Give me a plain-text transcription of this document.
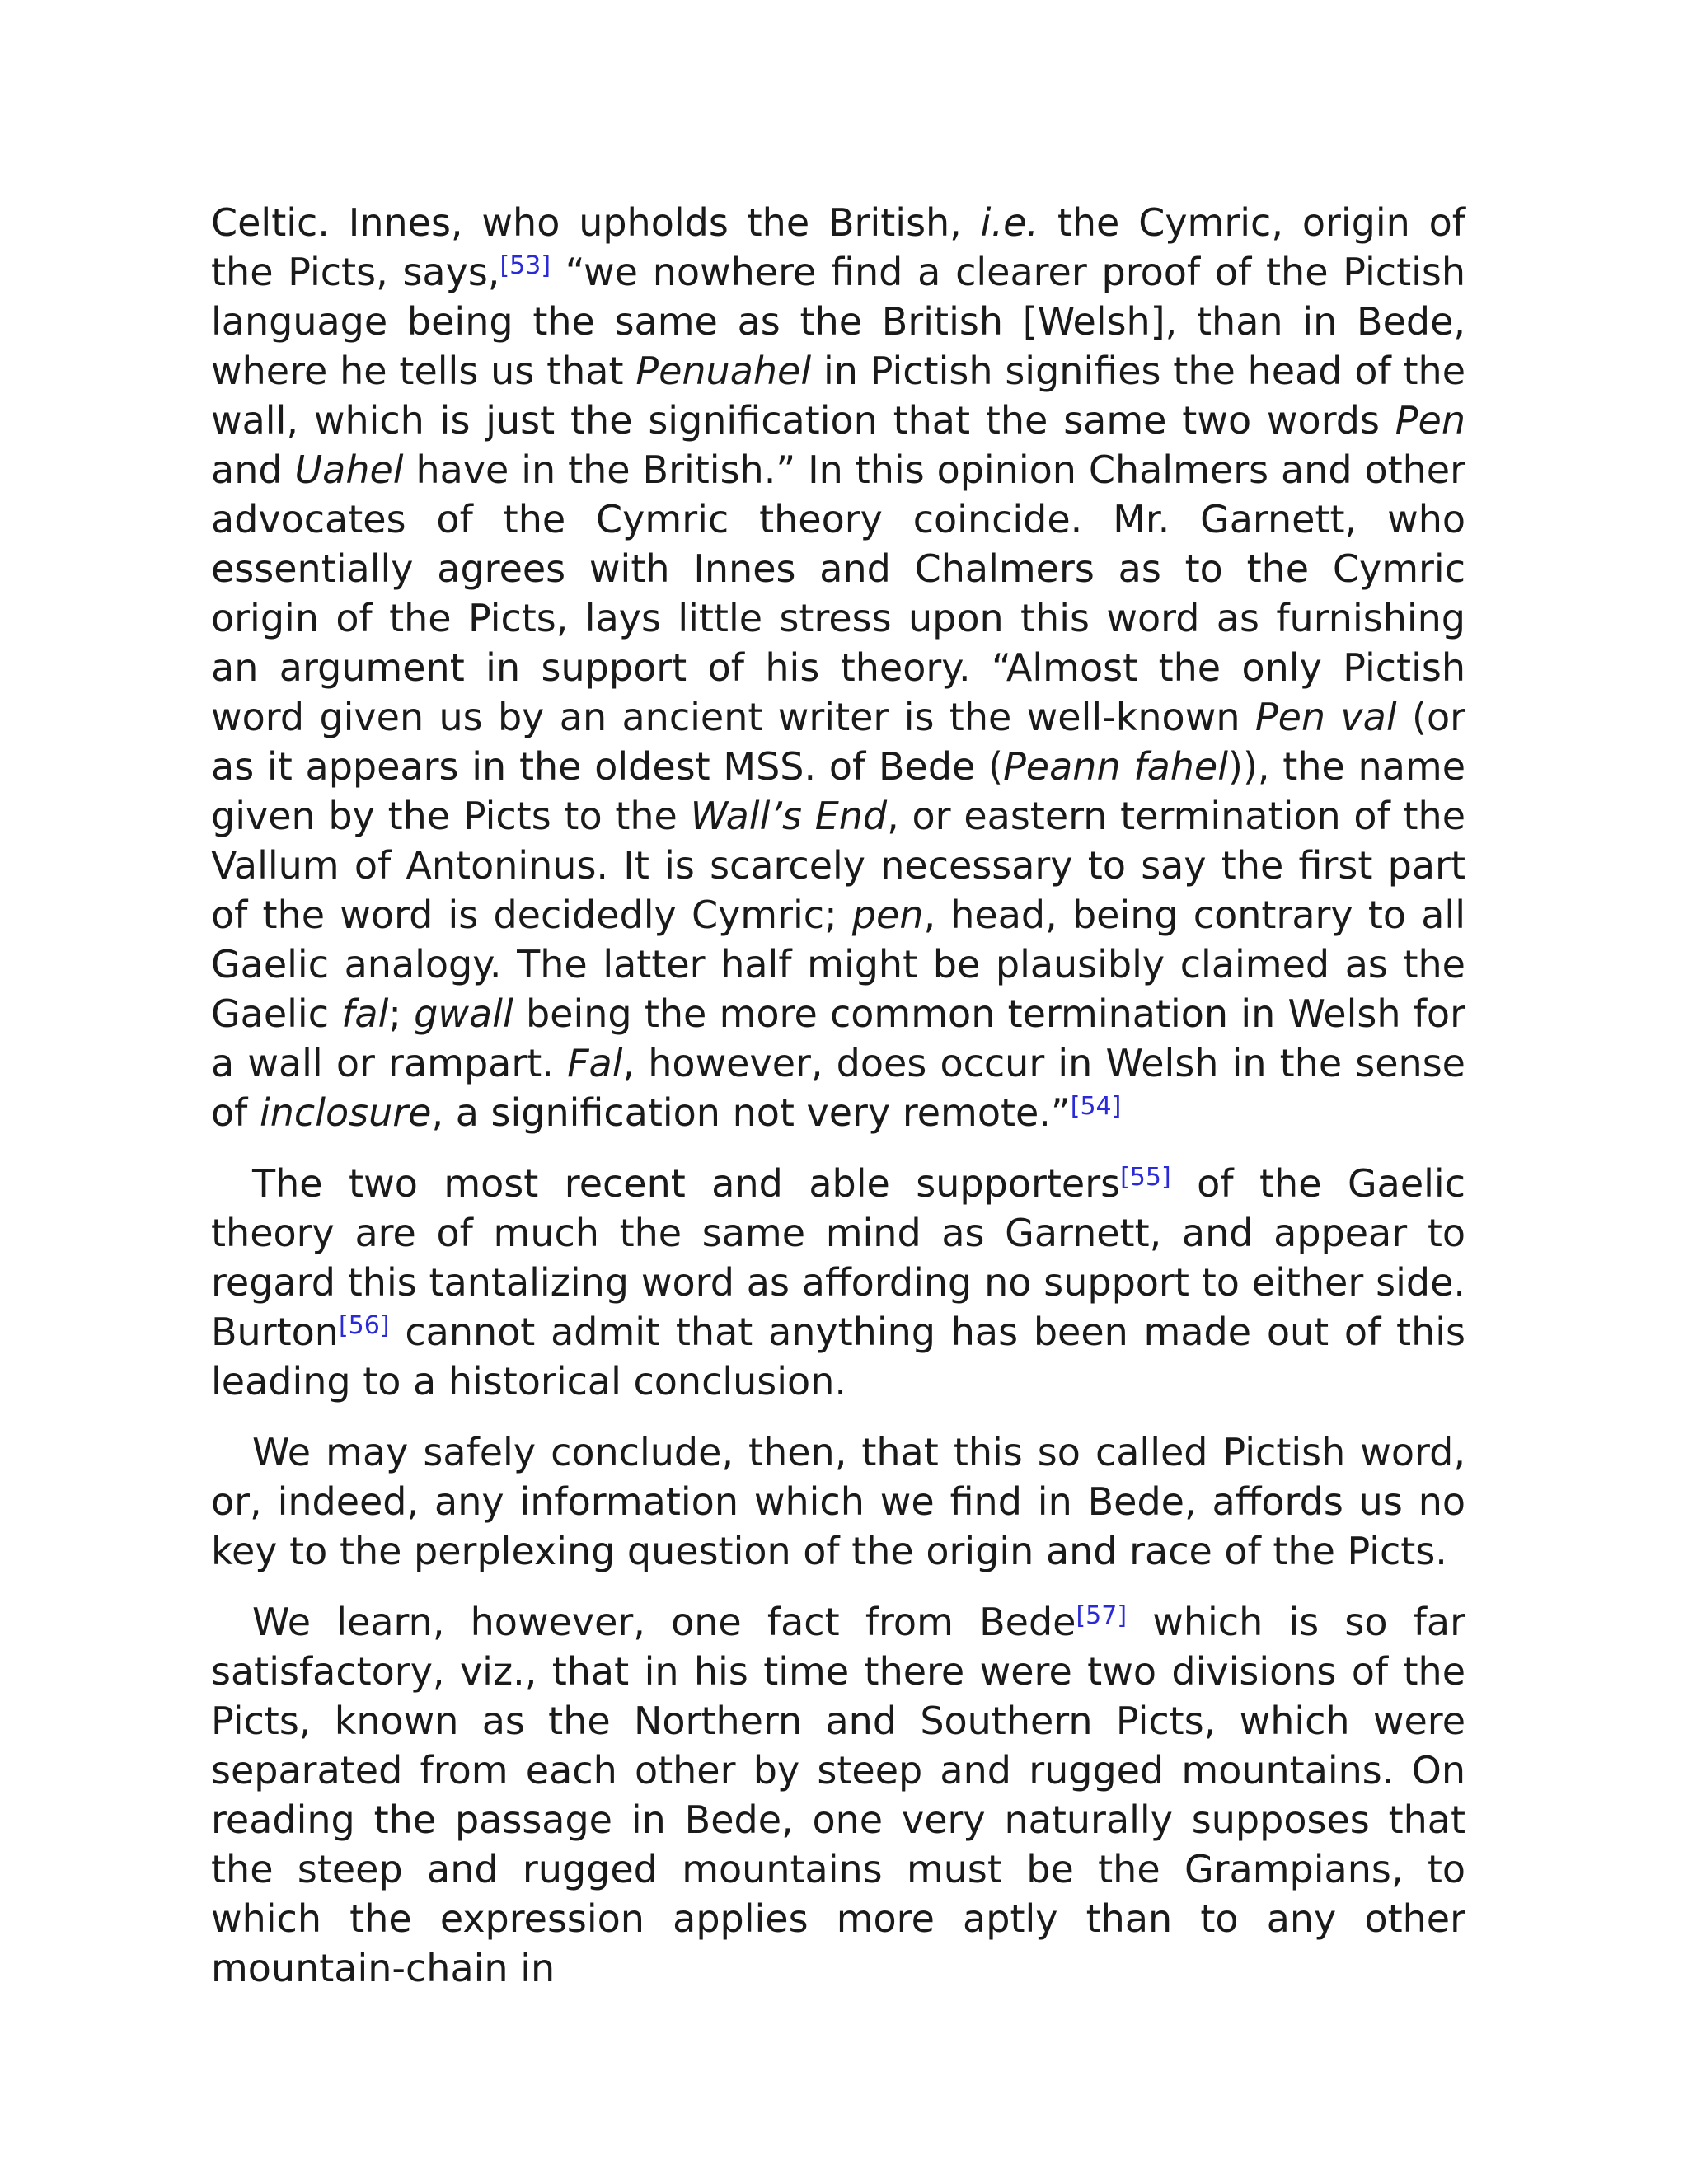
Celtic. Innes, who upholds the British, i.e. the Cymric, origin of the Picts, says,[53] “we nowhere find a clearer proof of the Pictish language being the same as the British [Welsh], than in Bede, where he tells us that Penuahel in Pictish signifies the head of the wall, which is just the signification that the same two words Pen and Uahel have in the British.” In this opinion Chalmers and other advocates of the Cymric theory coincide. Mr. Garnett, who essentially agrees with Innes and Chalmers as to the Cymric origin of the Picts, lays little stress upon this word as furnishing an argument in support of his theory. “Almost the only Pictish word given us by an ancient writer is the well-known Pen val (or as it appears in the oldest MSS. of Bede (Peann fahel)), the name given by the Picts to the Wall’s End, or eastern termination of the Vallum of Antoninus. It is scarcely necessary to say the first part of the word is decidedly Cymric; pen, head, being contrary to all Gaelic analogy. The latter half might be plausibly claimed as the Gaelic fal; gwall being the more common termination in Welsh for a wall or rampart. Fal, however, does occur in Welsh in the sense of inclosure, a signification not very remote.”[54]

The two most recent and able supporters[55] of the Gaelic theory are of much the same mind as Garnett, and appear to regard this tantalizing word as affording no support to either side. Burton[56] cannot admit that anything has been made out of this leading to a historical conclusion.

We may safely conclude, then, that this so called Pictish word, or, indeed, any information which we find in Bede, affords us no key to the perplexing question of the origin and race of the Picts.

We learn, however, one fact from Bede[57] which is so far satisfactory, viz., that in his time there were two divisions of the Picts, known as the Northern and Southern Picts, which were separated from each other by steep and rugged mountains. On reading the passage in Bede, one very naturally supposes that the steep and rugged mountains must be the Grampians, to which the expression applies more aptly than to any other mountain-chain in
